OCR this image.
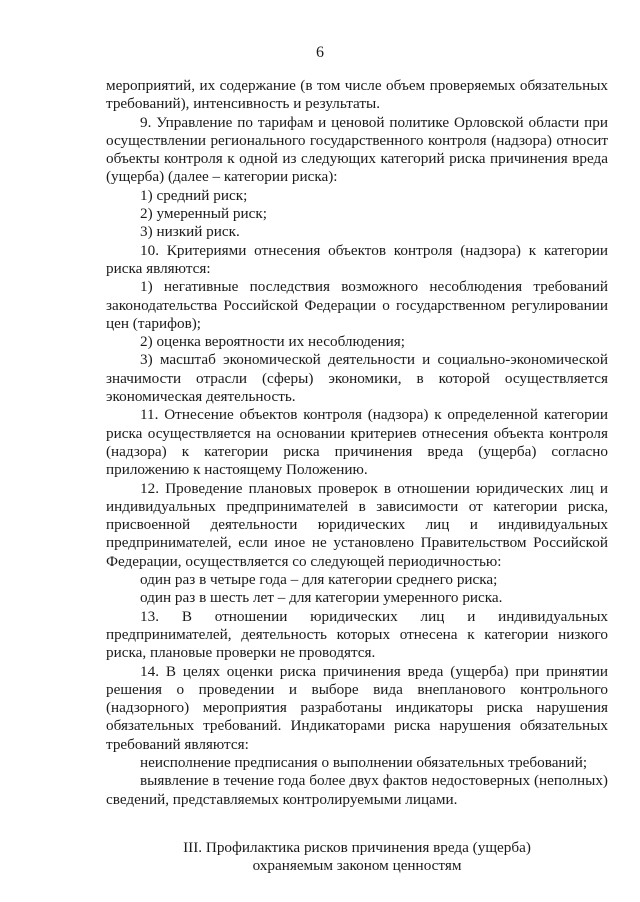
6

мероприятий, их содержание (в том числе объем проверяемых обязательных требований), интенсивность и результаты.

9. Управление по тарифам и ценовой политике Орловской области при осуществлении регионального государственного контроля (надзора) относит объекты контроля к одной из следующих категорий риска причинения вреда (ущерба) (далее – категории риска):

1) средний риск;

2) умеренный риск;

3) низкий риск.

10. Критериями отнесения объектов контроля (надзора) к категории риска являются:

1) негативные последствия возможного несоблюдения требований законодательства Российской Федерации о государственном регулировании цен (тарифов);

2) оценка вероятности их несоблюдения;

3) масштаб экономической деятельности и социально-экономической значимости отрасли (сферы) экономики, в которой осуществляется экономическая деятельность.

11. Отнесение объектов контроля (надзора) к определенной категории риска осуществляется на основании критериев отнесения объекта контроля (надзора) к категории риска причинения вреда (ущерба) согласно приложению к настоящему Положению.

12. Проведение плановых проверок в отношении юридических лиц и индивидуальных предпринимателей в зависимости от категории риска, присвоенной деятельности юридических лиц и индивидуальных предпринимателей, если иное не установлено Правительством Российской Федерации, осуществляется со следующей периодичностью:

один раз в четыре года – для категории среднего риска;

один раз в шесть лет – для категории умеренного риска.

13. В отношении юридических лиц и индивидуальных предпринимателей, деятельность которых отнесена к категории низкого риска, плановые проверки не проводятся.

14. В целях оценки риска причинения вреда (ущерба) при принятии решения о проведении и выборе вида внепланового контрольного (надзорного) мероприятия разработаны индикаторы риска нарушения обязательных требований. Индикаторами риска нарушения обязательных требований являются:

неисполнение предписания о выполнении обязательных требований;

выявление в течение года более двух фактов недостоверных (неполных) сведений, представляемых контролируемыми лицами.

III. Профилактика рисков причинения вреда (ущерба)
охраняемым законом ценностям
